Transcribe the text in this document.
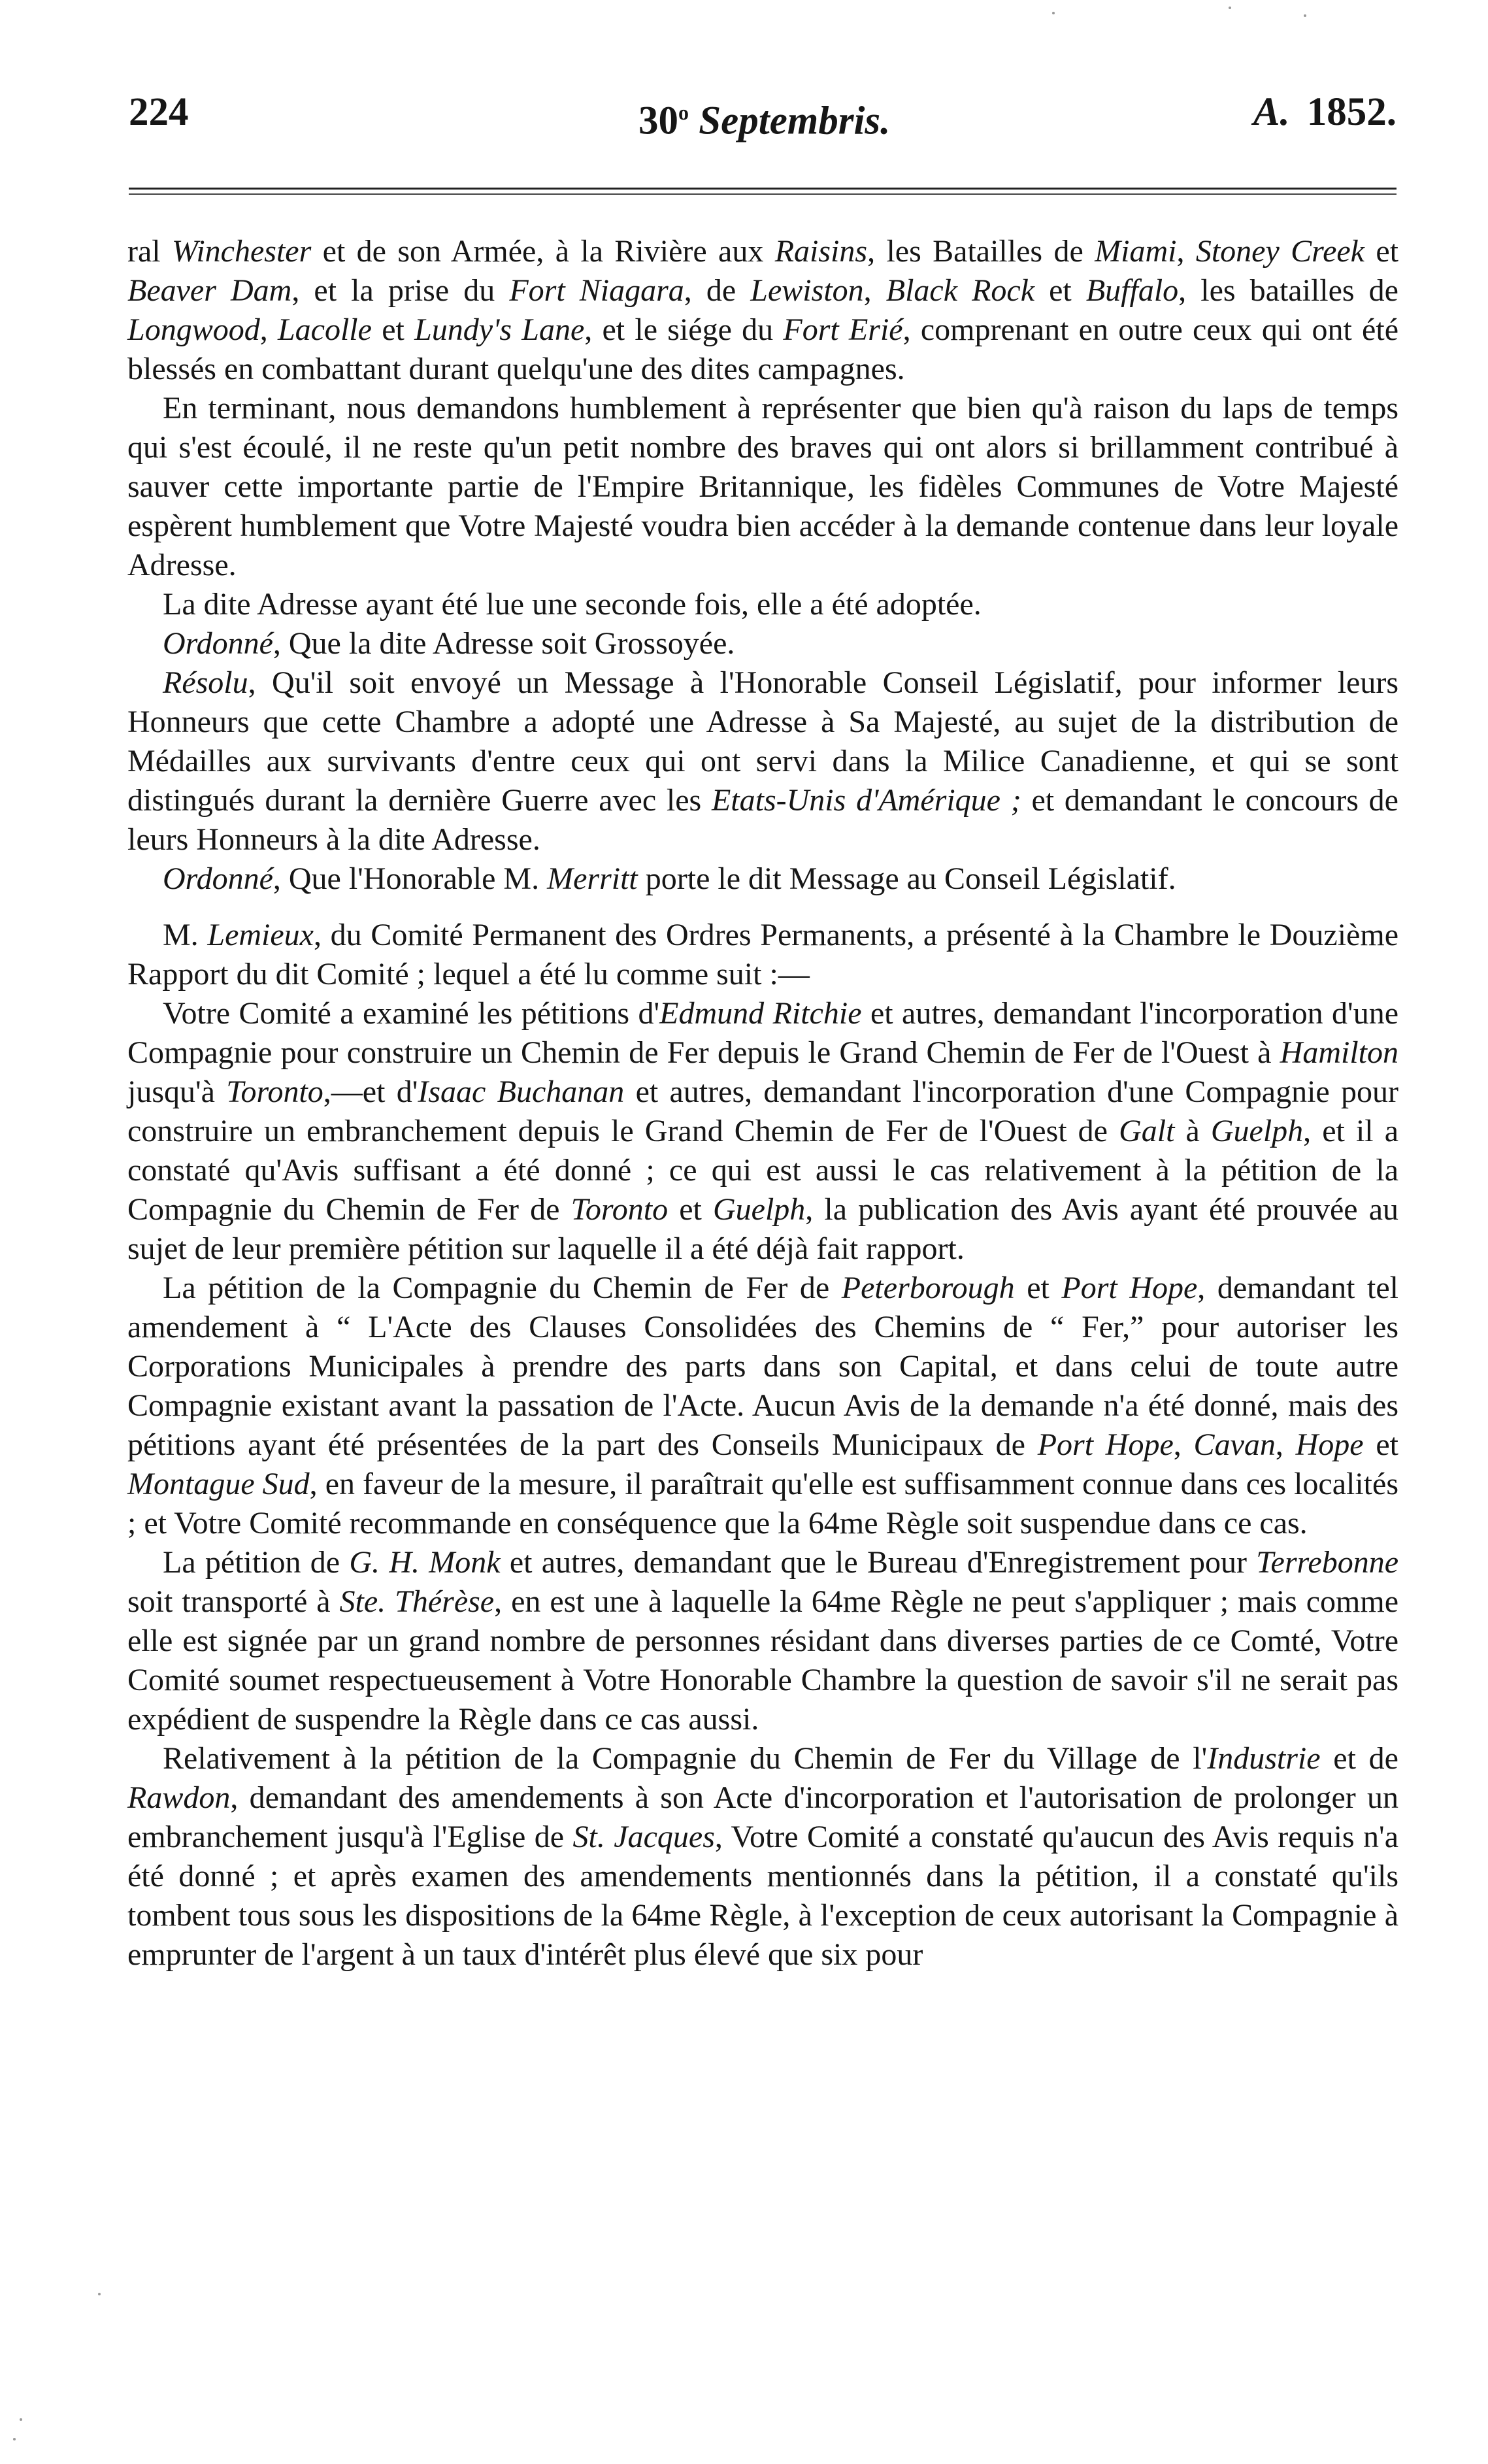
224	30$^o$ Septembris.	A. 1852.

ral Winchester et de son Armée, à la Rivière aux Raisins, les Batailles de Miami, Stoney Creek et Beaver Dam, et la prise du Fort Niagara, de Lewiston, Black Rock et Buffalo, les batailles de Longwood, Lacolle et Lundy's Lane, et le siége du Fort Erié, comprenant en outre ceux qui ont été blessés en combattant durant quelqu'une des dites campagnes.

En terminant, nous demandons humblement à représenter que bien qu'à raison du laps de temps qui s'est écoulé, il ne reste qu'un petit nombre des braves qui ont alors si brillamment contribué à sauver cette importante partie de l'Empire Britannique, les fidèles Communes de Votre Majesté espèrent humblement que Votre Majesté voudra bien accéder à la demande contenue dans leur loyale Adresse.

La dite Adresse ayant été lue une seconde fois, elle a été adoptée.

Ordonné, Que la dite Adresse soit Grossoyée.

Résolu, Qu'il soit envoyé un Message à l'Honorable Conseil Législatif, pour informer leurs Honneurs que cette Chambre a adopté une Adresse à Sa Majesté, au sujet de la distribution de Médailles aux survivants d'entre ceux qui ont servi dans la Milice Canadienne, et qui se sont distingués durant la dernière Guerre avec les Etats-Unis d'Amérique ; et demandant le concours de leurs Honneurs à la dite Adresse.

Ordonné, Que l'Honorable M. Merritt porte le dit Message au Conseil Législatif.

M. Lemieux, du Comité Permanent des Ordres Permanents, a présenté à la Chambre le Douzième Rapport du dit Comité ; lequel a été lu comme suit :—

Votre Comité a examiné les pétitions d'Edmund Ritchie et autres, demandant l'incorporation d'une Compagnie pour construire un Chemin de Fer depuis le Grand Chemin de Fer de l'Ouest à Hamilton jusqu'à Toronto,—et d'Isaac Buchanan et autres, demandant l'incorporation d'une Compagnie pour construire un embranchement depuis le Grand Chemin de Fer de l'Ouest de Galt à Guelph, et il a constaté qu'Avis suffisant a été donné ; ce qui est aussi le cas relativement à la pétition de la Compagnie du Chemin de Fer de Toronto et Guelph, la publication des Avis ayant été prouvée au sujet de leur première pétition sur laquelle il a été déjà fait rapport.

La pétition de la Compagnie du Chemin de Fer de Peterborough et Port Hope, demandant tel amendement à “ L'Acte des Clauses Consolidées des Chemins de “ Fer,” pour autoriser les Corporations Municipales à prendre des parts dans son Capital, et dans celui de toute autre Compagnie existant avant la passation de l'Acte. Aucun Avis de la demande n'a été donné, mais des pétitions ayant été présentées de la part des Conseils Municipaux de Port Hope, Cavan, Hope et Montague Sud, en faveur de la mesure, il paraîtrait qu'elle est suffisamment connue dans ces localités ; et Votre Comité recommande en conséquence que la 64me Règle soit suspendue dans ce cas.

La pétition de G. H. Monk et autres, demandant que le Bureau d'Enregistrement pour Terrebonne soit transporté à Ste. Thérèse, en est une à laquelle la 64me Règle ne peut s'appliquer ; mais comme elle est signée par un grand nombre de personnes résidant dans diverses parties de ce Comté, Votre Comité soumet respectueusement à Votre Honorable Chambre la question de savoir s'il ne serait pas expédient de suspendre la Règle dans ce cas aussi.

Relativement à la pétition de la Compagnie du Chemin de Fer du Village de l'Industrie et de Rawdon, demandant des amendements à son Acte d'incorporation et l'autorisation de prolonger un embranchement jusqu'à l'Eglise de St. Jacques, Votre Comité a constaté qu'aucun des Avis requis n'a été donné ; et après examen des amendements mentionnés dans la pétition, il a constaté qu'ils tombent tous sous les dispositions de la 64me Règle, à l'exception de ceux autorisant la Compagnie à emprunter de l'argent à un taux d'intérêt plus élevé que six pour
